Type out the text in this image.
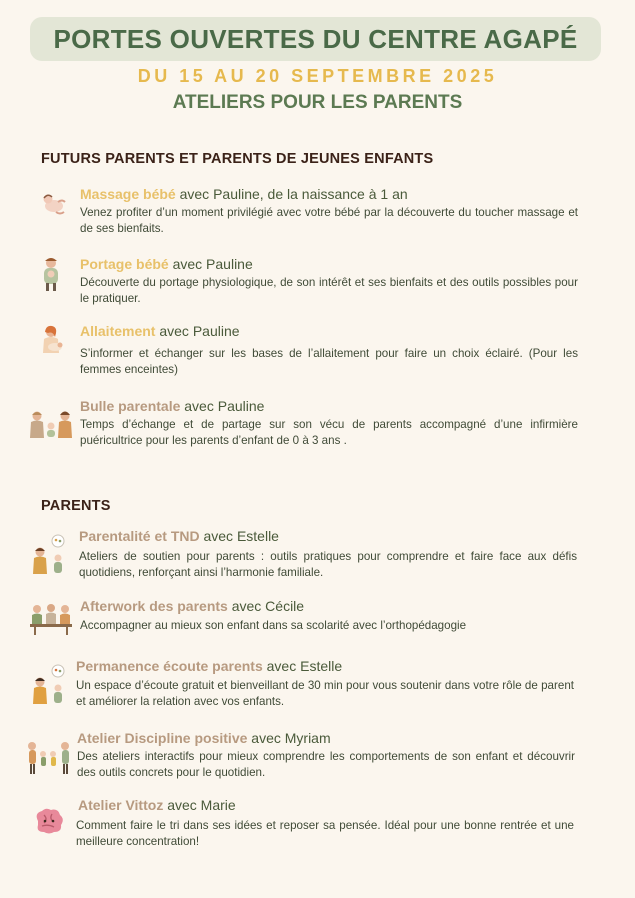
PORTES OUVERTES DU CENTRE AGAPÉ
DU 15 AU 20 SEPTEMBRE 2025
ATELIERS POUR LES PARENTS
FUTURS PARENTS ET PARENTS DE JEUNES ENFANTS
Massage bébé avec Pauline, de la naissance à 1 an
Venez profiter d’un moment privilégié avec votre bébé par la découverte du toucher massage et de ses bienfaits.
Portage bébé avec Pauline
Découverte du portage physiologique, de son intérêt et ses bienfaits et des outils possibles pour le pratiquer.
Allaitement avec Pauline
S’informer et échanger sur les bases de l’allaitement pour faire un choix éclairé. (Pour les femmes enceintes)
Bulle parentale avec Pauline
Temps d’échange et de partage sur son vécu de parents accompagné d’une infirmière puéricultrice pour les parents d’enfant de 0 à 3 ans .
PARENTS
Parentalité et TND avec Estelle
Ateliers de soutien pour parents : outils pratiques pour comprendre et faire face aux défis quotidiens, renforçant ainsi l’harmonie familiale.
Afterwork des parents avec Cécile
Accompagner au mieux son enfant dans sa scolarité avec l’orthopédagogie
Permanence écoute parents avec Estelle
Un espace d’écoute gratuit et bienveillant de 30 min pour vous soutenir dans votre rôle de parent et améliorer la relation avec vos enfants.
Atelier Discipline positive avec Myriam
Des ateliers interactifs pour mieux comprendre les comportements de son enfant et découvrir des outils concrets pour le quotidien.
Atelier Vittoz avec Marie
Comment faire le tri dans ses idées et reposer sa pensée. Idéal pour une bonne rentrée et une meilleure concentration!
